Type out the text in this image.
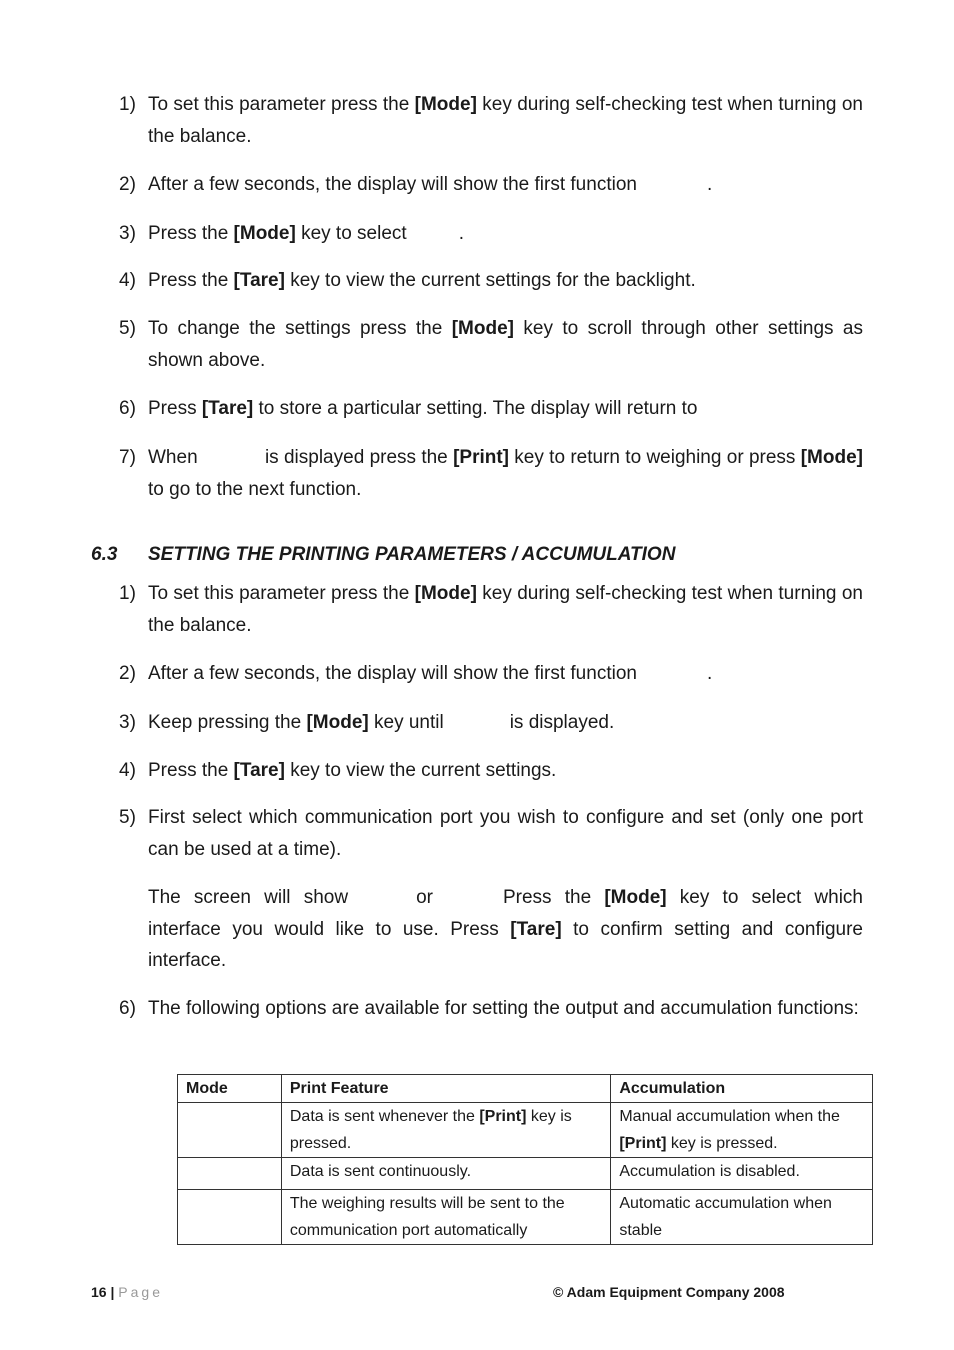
1) To set this parameter press the [Mode] key during self-checking test when turning on the balance.
2) After a few seconds, the display will show the first function	.
3) Press the [Mode] key to select	.
4) Press the [Tare] key to view the current settings for the backlight.
5) To change the settings press the [Mode] key to scroll through other settings as shown above.
6) Press [Tare] to store a particular setting. The display will return to
7) When	is displayed press the [Print] key to return to weighing or press [Mode] to go to the next function.
6.3 SETTING THE PRINTING PARAMETERS / ACCUMULATION
1) To set this parameter press the [Mode] key during self-checking test when turning on the balance.
2) After a few seconds, the display will show the first function	.
3) Keep pressing the [Mode] key until	is displayed.
4) Press the [Tare] key to view the current settings.
5) First select which communication port you wish to configure and set (only one port can be used at a time).
The screen will show	or	Press the [Mode] key to select which interface you would like to use. Press [Tare] to confirm setting and configure interface.
6) The following options are available for setting the output and accumulation functions:
Mode	Print Feature	Accumulation
	Data is sent whenever the [Print] key is pressed.	Manual accumulation when the [Print] key is pressed.
	Data is sent continuously.	Accumulation is disabled.
	The weighing results will be sent to the communication port automatically	Automatic accumulation when stable
16 | Page	© Adam Equipment Company 2008
